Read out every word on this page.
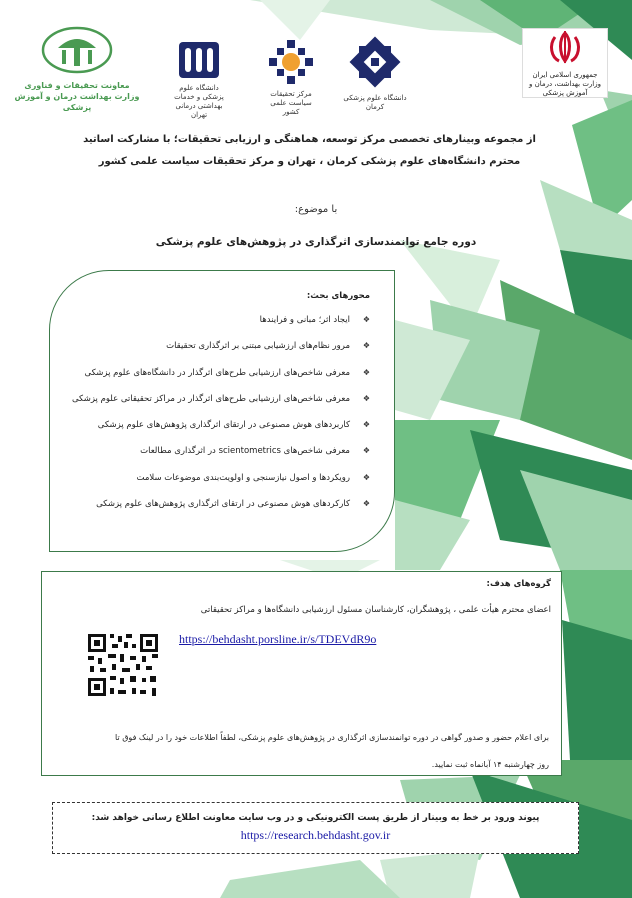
جمهوری اسلامی ایران
وزارت بهداشت، درمان و آموزش پزشکی
دانشگاه علوم پزشکی کرمان
مرکز تحقیقات سیاست علمی کشور
دانشگاه علوم پزشکی و خدمات بهداشتی درمانی تهران
معاونت تحقیقات و فناوری
وزارت بهداشت درمان و آموزش پزشکی
از مجموعه وبینارهای تخصصی مرکز توسعه، هماهنگی و ارزیابی تحقیقات؛ با مشارکت اساتید
محترم دانشگاه‌های علوم پزشکی کرمان ، تهران و مرکز تحقیقات سیاست علمی کشور
با موضوع:
دوره جامع توانمندسازی اثرگذاری در پژوهش‌های علوم پزشکی
محورهای بحث:
❖
ایجاد اثر؛ مبانی و فرایندها
❖
مرور نظام‌های ارزشیابی مبتنی بر اثرگذاری تحقیقات
❖
معرفی شاخص‌های ارزشیابی طرح‌های اثرگذار در دانشگاه‌های علوم پزشکی
❖
معرفی شاخص‌های ارزشیابی طرح‌های اثرگذار در مراکز تحقیقاتی علوم پزشکی
❖
کاربردهای هوش مصنوعی در ارتقای اثرگذاری پژوهش‌های علوم پزشکی
❖
معرفی شاخص‌های scientometrics در اثرگذاری مطالعات
❖
رویکردها و اصول نیازسنجی و اولویت‌بندی موضوعات سلامت
❖
کارکردهای هوش مصنوعی در ارتقای اثرگذاری پژوهش‌های علوم پزشکی
گروه‌های هدف:
اعضای محترم هیأت علمی ، پژوهشگران، کارشناسان مسئول ارزشیابی دانشگاه‌ها و مراکز تحقیقاتی
https://behdasht.porsline.ir/s/TDEVdR9o
برای اعلام حضور و صدور گواهی در دوره توانمندسازی اثرگذاری در پژوهش‌های علوم پزشکی، لطفاً اطلاعات خود را در لینک فوق تا
روز چهارشنبه ۱۴ آبانماه ثبت نمایید.
پیوند ورود بر خط به وبینار از طریق پست الکترونیکی و در وب سایت معاونت اطلاع رسانی خواهد شد:
https://research.behdasht.gov.ir
